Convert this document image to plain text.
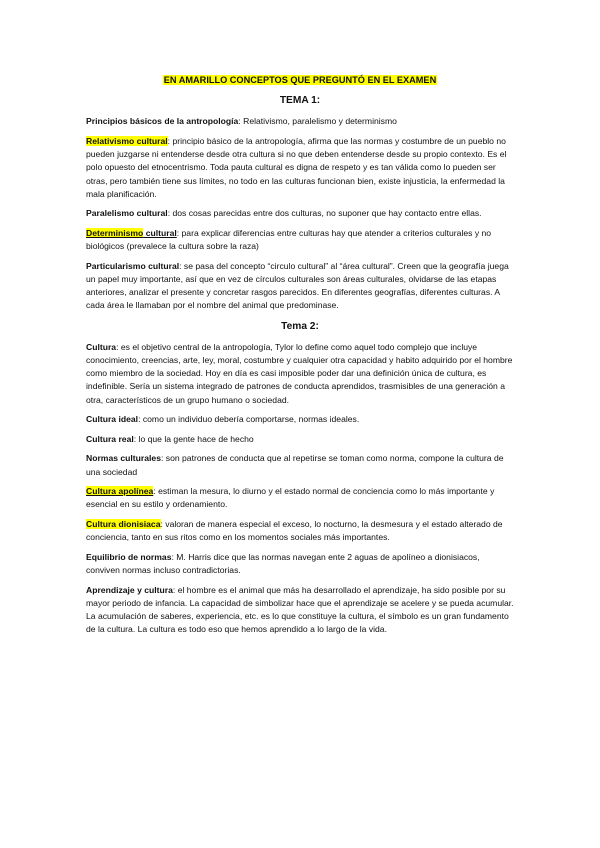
EN AMARILLO CONCEPTOS QUE PREGUNTÓ EN EL EXAMEN
TEMA 1:

Principios básicos de la antropología: Relativismo, paralelismo y determinismo

Relativismo cultural: principio básico de la antropología, afirma que las normas y costumbre de un pueblo no pueden juzgarse ni entenderse desde otra cultura si no que deben entenderse desde su propio contexto. Es el polo opuesto del etnocentrismo. Toda pauta cultural es digna de respeto y es tan válida como lo pueden ser otras, pero también tiene sus límites, no todo en las culturas funcionan bien, existe injusticia, la enfermedad la mala planificación.

Paralelismo cultural: dos cosas parecidas entre dos culturas, no suponer que hay contacto entre ellas.

Determinismo cultural: para explicar diferencias entre culturas hay que atender a criterios culturales y no biológicos (prevalece la cultura sobre la raza)

Particularismo cultural: se pasa del concepto “circulo cultural” al “área cultural”. Creen que la geografía juega un papel muy importante, así que en vez de círculos culturales son áreas culturales, olvidarse de las etapas anteriores, analizar el presente y concretar rasgos parecidos. En diferentes geografías, diferentes culturas. A cada área le llamaban por el nombre del animal que predominase.

Tema 2:

Cultura: es el objetivo central de la antropología, Tylor lo define como aquel todo complejo que incluye conocimiento, creencias, arte, ley, moral, costumbre y cualquier otra capacidad y habito adquirido por el hombre como miembro de la sociedad. Hoy en día es casi imposible poder dar una definición única de cultura, es indefinible. Sería un sistema integrado de patrones de conducta aprendidos, trasmisibles de una generación a otra, característicos de un grupo humano o sociedad.

Cultura ideal: como un individuo debería comportarse, normas ideales.

Cultura real: lo que la gente hace de hecho

Normas culturales: son patrones de conducta que al repetirse se toman como norma, compone la cultura de una sociedad

Cultura apolínea: estiman la mesura, lo diurno y el estado normal de conciencia como lo más importante y esencial en su estilo y ordenamiento.

Cultura dionisiaca: valoran de manera especial el exceso, lo nocturno, la desmesura y el estado alterado de conciencia, tanto en sus ritos como en los momentos sociales más importantes.

Equilibrio de normas: M. Harris dice que las normas navegan ente 2 aguas de apolíneo a dionisiacos, conviven normas incluso contradictorias.

Aprendizaje y cultura: el hombre es el animal que más ha desarrollado el aprendizaje, ha sido posible por su mayor periodo de infancia. La capacidad de simbolizar hace que el aprendizaje se acelere y se pueda acumular. La acumulación de saberes, experiencia, etc. es lo que constituye la cultura, el símbolo es un gran fundamento de la cultura. La cultura es todo eso que hemos aprendido a lo largo de la vida.
